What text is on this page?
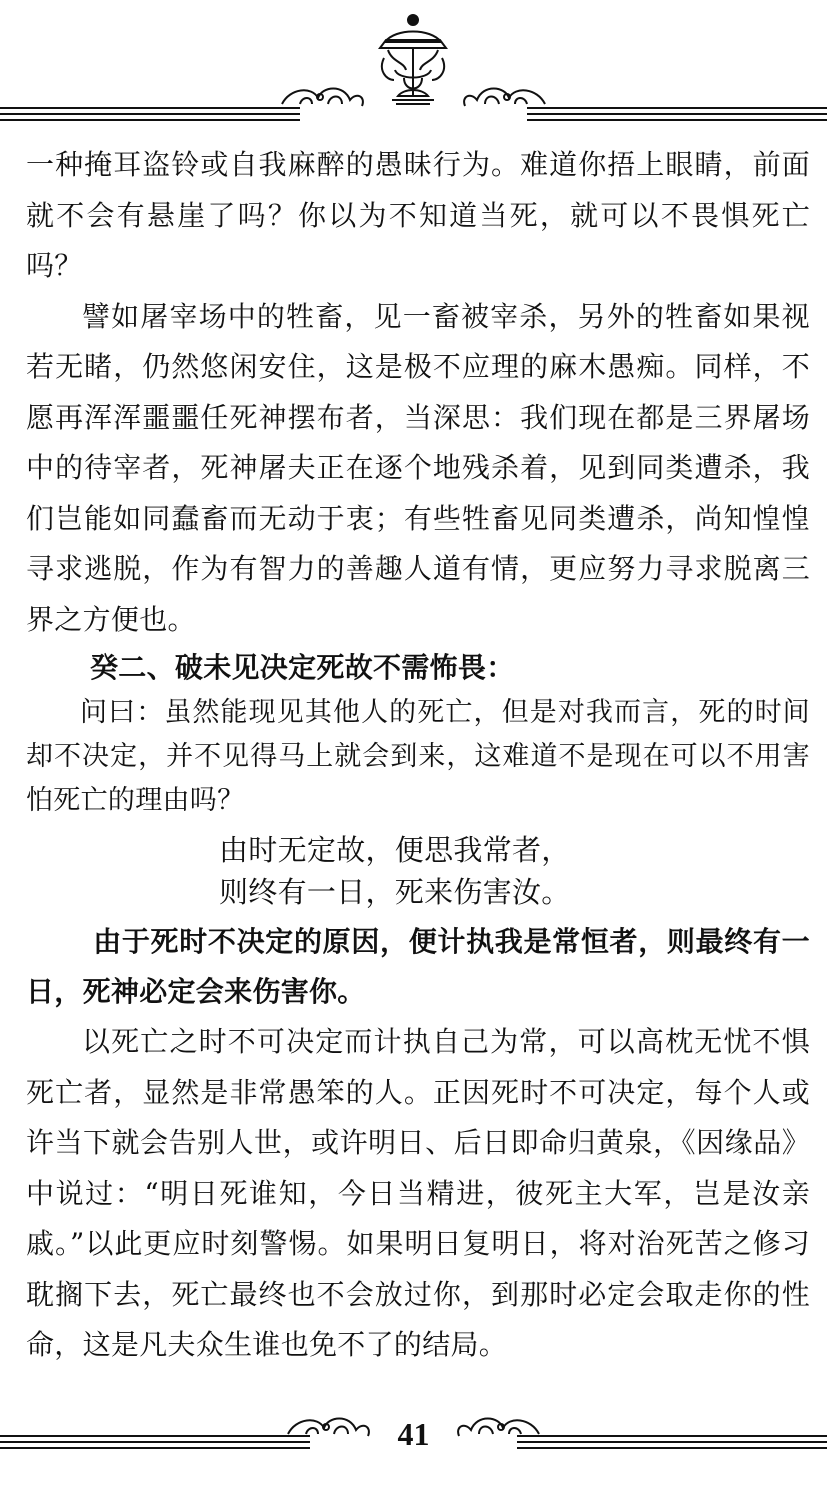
一种掩耳盗铃或自我麻醉的愚昧行为。难道你捂上眼睛，前面就不会有悬崖了吗？你以为不知道当死，就可以不畏惧死亡吗？

譬如屠宰场中的牲畜，见一畜被宰杀，另外的牲畜如果视若无睹，仍然悠闲安住，这是极不应理的麻木愚痴。同样，不愿再浑浑噩噩任死神摆布者，当深思：我们现在都是三界屠场中的待宰者，死神屠夫正在逐个地残杀着，见到同类遭杀，我们岂能如同蠢畜而无动于衷；有些牲畜见同类遭杀，尚知惶惶寻求逃脱，作为有智力的善趣人道有情，更应努力寻求脱离三界之方便也。

癸二、破未见决定死故不需怖畏：

问曰：虽然能现见其他人的死亡，但是对我而言，死的时间却不决定，并不见得马上就会到来，这难道不是现在可以不用害怕死亡的理由吗？

由时无定故，便思我常者，

则终有一日，死来伤害汝。

由于死时不决定的原因，便计执我是常恒者，则最终有一日，死神必定会来伤害你。

以死亡之时不可决定而计执自己为常，可以高枕无忧不惧死亡者，显然是非常愚笨的人。正因死时不可决定，每个人或许当下就会告别人世，或许明日、后日即命归黄泉，《因缘品》中说过：“明日死谁知，今日当精进，彼死主大军，岂是汝亲戚。”以此更应时刻警惕。如果明日复明日，将对治死苦之修习耽搁下去，死亡最终也不会放过你，到那时必定会取走你的性命，这是凡夫众生谁也免不了的结局。

41
